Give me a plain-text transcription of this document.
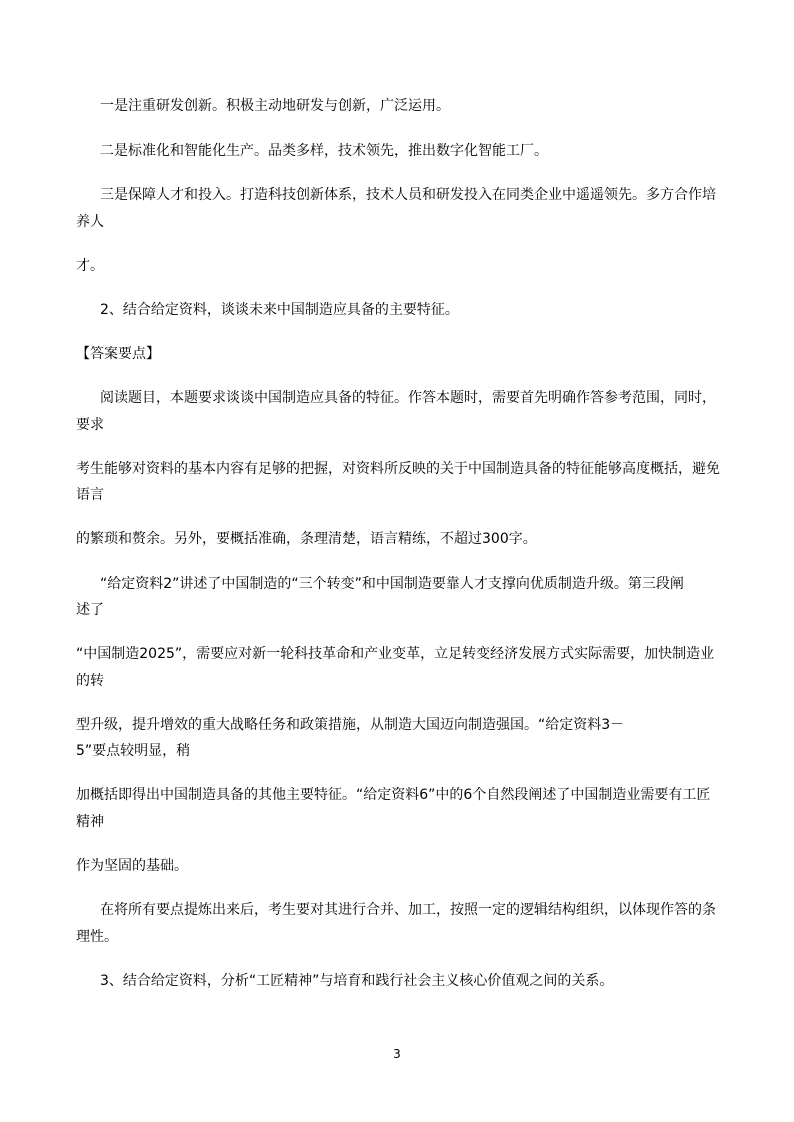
一是注重研发创新。积极主动地研发与创新，广泛运用。
二是标准化和智能化生产。品类多样，技术领先，推出数字化智能工厂。
三是保障人才和投入。打造科技创新体系，技术人员和研发投入在同类企业中遥遥领先。多方合作培
养人
才。
2、结合给定资料，谈谈未来中国制造应具备的主要特征。
【答案要点】
阅读题目，本题要求谈谈中国制造应具备的特征。作答本题时，需要首先明确作答参考范围，同时，
要求
考生能够对资料的基本内容有足够的把握，对资料所反映的关于中国制造具备的特征能够高度概括，避免
语言
的繁琐和赘余。另外，要概括准确，条理清楚，语言精练，不超过300字。
“给定资料2”讲述了中国制造的“三个转变”和中国制造要靠人才支撑向优质制造升级。第三段阐
述了
“中国制造2025”，需要应对新一轮科技革命和产业变革，立足转变经济发展方式实际需要，加快制造业
的转
型升级，提升增效的重大战略任务和政策措施，从制造大国迈向制造强国。“给定资料3－
5”要点较明显，稍
加概括即得出中国制造具备的其他主要特征。“给定资料6”中的6个自然段阐述了中国制造业需要有工匠
精神
作为坚固的基础。
在将所有要点提炼出来后，考生要对其进行合并、加工，按照一定的逻辑结构组织，以体现作答的条
理性。
3、结合给定资料，分析“工匠精神”与培育和践行社会主义核心价值观之间的关系。
3
